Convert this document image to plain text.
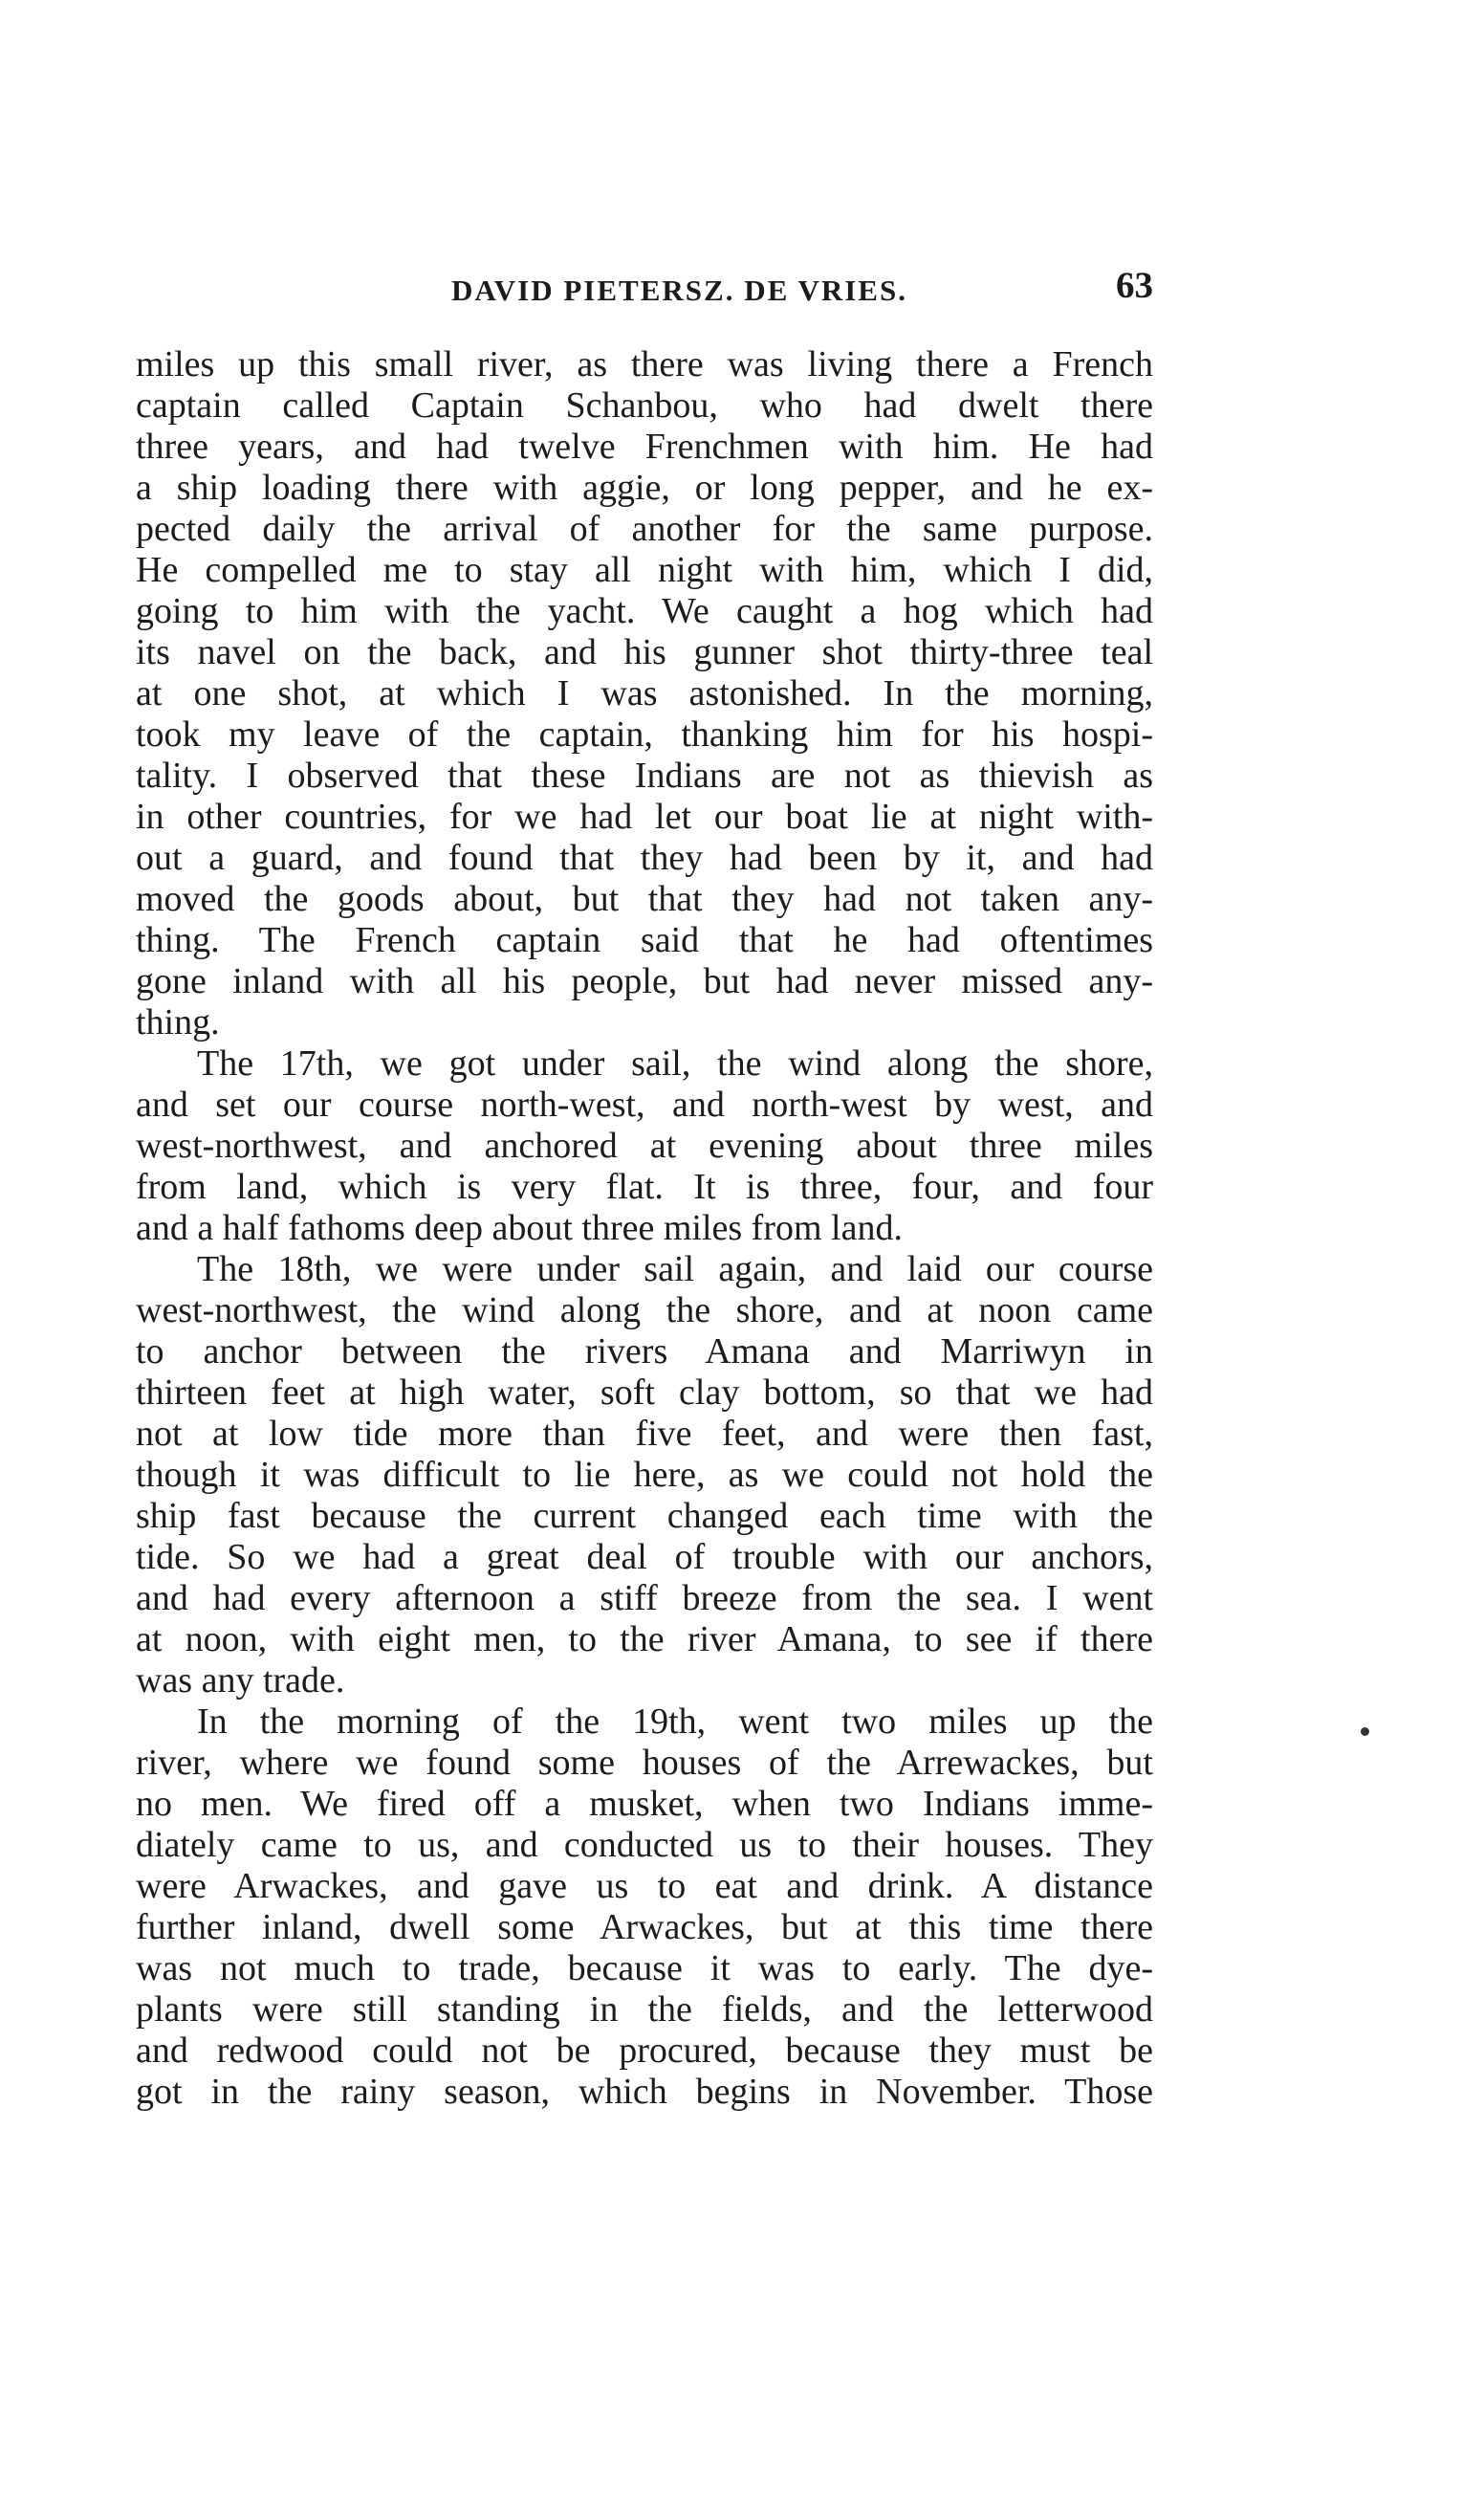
DAVID PIETERSZ. DE VRIES.	63
miles up this small river, as there was living there a French
captain called Captain Schanbou, who had dwelt there
three years, and had twelve Frenchmen with him. He had
a ship loading there with aggie, or long pepper, and he ex-
pected daily the arrival of another for the same purpose.
He compelled me to stay all night with him, which I did,
going to him with the yacht. We caught a hog which had
its navel on the back, and his gunner shot thirty-three teal
at one shot, at which I was astonished. In the morning,
took my leave of the captain, thanking him for his hospi-
tality. I observed that these Indians are not as thievish as
in other countries, for we had let our boat lie at night with-
out a guard, and found that they had been by it, and had
moved the goods about, but that they had not taken any-
thing. The French captain said that he had oftentimes
gone inland with all his people, but had never missed any-
thing.
The 17th, we got under sail, the wind along the shore,
and set our course north-west, and north-west by west, and
west-northwest, and anchored at evening about three miles
from land, which is very flat. It is three, four, and four
and a half fathoms deep about three miles from land.
The 18th, we were under sail again, and laid our course
west-northwest, the wind along the shore, and at noon came
to anchor between the rivers Amana and Marriwyn in
thirteen feet at high water, soft clay bottom, so that we had
not at low tide more than five feet, and were then fast,
though it was difficult to lie here, as we could not hold the
ship fast because the current changed each time with the
tide. So we had a great deal of trouble with our anchors,
and had every afternoon a stiff breeze from the sea. I went
at noon, with eight men, to the river Amana, to see if there
was any trade.
In the morning of the 19th, went two miles up the
river, where we found some houses of the Arrewackes, but
no men. We fired off a musket, when two Indians imme-
diately came to us, and conducted us to their houses. They
were Arwackes, and gave us to eat and drink. A distance
further inland, dwell some Arwackes, but at this time there
was not much to trade, because it was to early. The dye-
plants were still standing in the fields, and the letterwood
and redwood could not be procured, because they must be
got in the rainy season, which begins in November. Those
